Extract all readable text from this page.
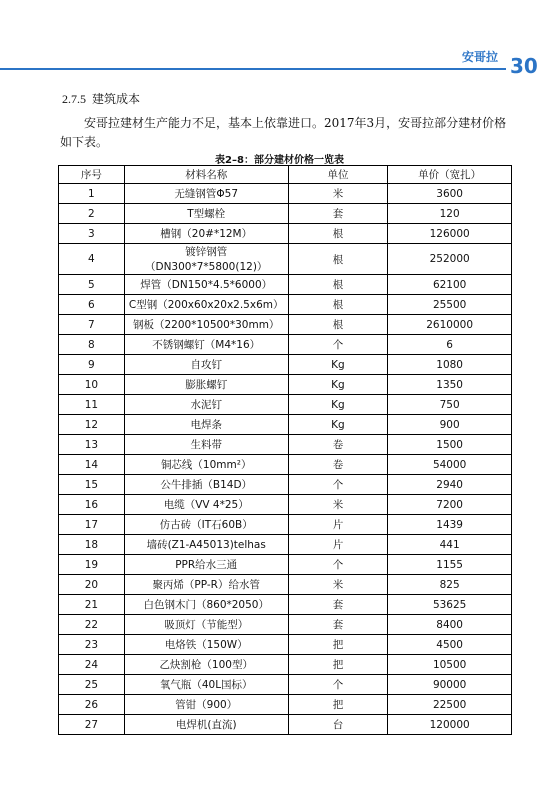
安哥拉 30
2.7.5 建筑成本

安哥拉建材生产能力不足，基本上依靠进口。2017年3月，安哥拉部分建材价格如下表。

表2–8：部分建材价格一览表
序号	材料名称	单位	单价（宽扎）
1	无缝钢管Φ57	米	3600
2	T型螺栓	套	120
3	槽钢（20#*12M）	根	126000
4	镀锌钢管（DN300*7*5800(12)）	根	252000
5	焊管（DN150*4.5*6000）	根	62100
6	C型钢（200x60x20x2.5x6m）	根	25500
7	钢板（2200*10500*30mm）	根	2610000
8	不锈钢螺钉（M4*16）	个	6
9	自攻钉	Kg	1080
10	膨胀螺钉	Kg	1350
11	水泥钉	Kg	750
12	电焊条	Kg	900
13	生料带	卷	1500
14	铜芯线（10mm²）	卷	54000
15	公牛排插（B14D）	个	2940
16	电缆（VV 4*25）	米	7200
17	仿古砖（IT石60B）	片	1439
18	墙砖(Z1-A45013)telhas	片	441
19	PPR给水三通	个	1155
20	聚丙烯（PP-R）给水管	米	825
21	白色钢木门（860*2050）	套	53625
22	吸顶灯（节能型）	套	8400
23	电烙铁（150W）	把	4500
24	乙炔割枪（100型）	把	10500
25	氧气瓶（40L国标）	个	90000
26	管钳（900）	把	22500
27	电焊机(直流)	台	120000
